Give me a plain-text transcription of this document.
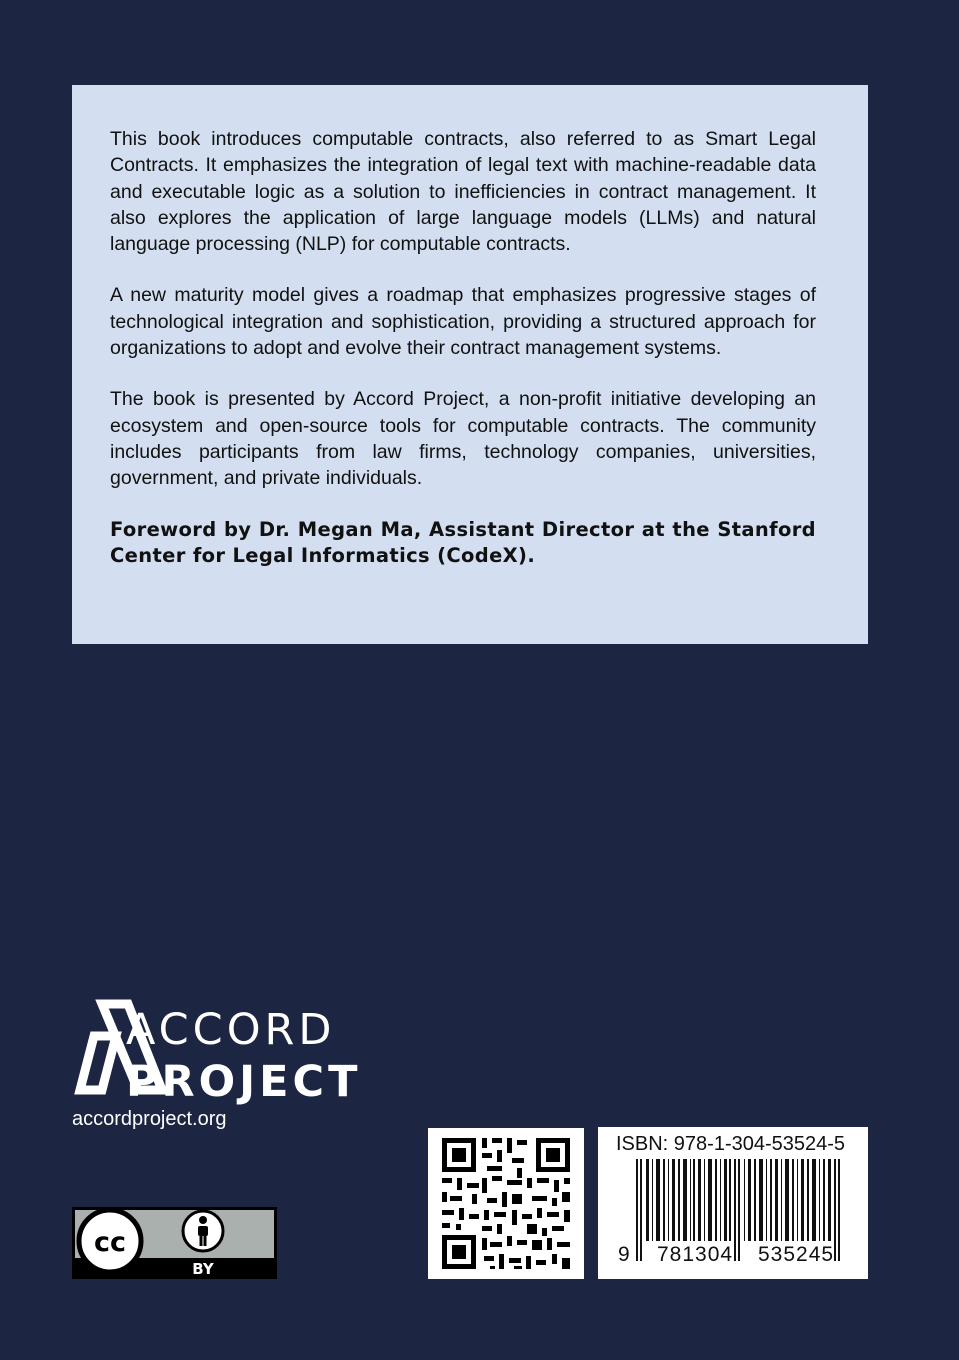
This book introduces computable contracts, also referred to as Smart Legal Contracts. It emphasizes the integration of legal text with machine-readable data and executable logic as a solution to inefficiencies in contract management. It also explores the application of large language models (LLMs) and natural language processing (NLP) for computable contracts.

A new maturity model gives a roadmap that emphasizes progressive stages of technological integration and sophistication, providing a structured approach for organizations to adopt and evolve their contract management systems.

The book is presented by Accord Project, a non-profit initiative developing an ecosystem and open-source tools for computable contracts. The community includes participants from law firms, technology companies, universities, government, and private individuals.

Foreword by Dr. Megan Ma, Assistant Director at the Stanford Center for Legal Informatics (CodeX).

ACCORD
PROJECT
accordproject.org
cc
BY
ISBN: 978-1-304-53524-5
9 781304 535245
